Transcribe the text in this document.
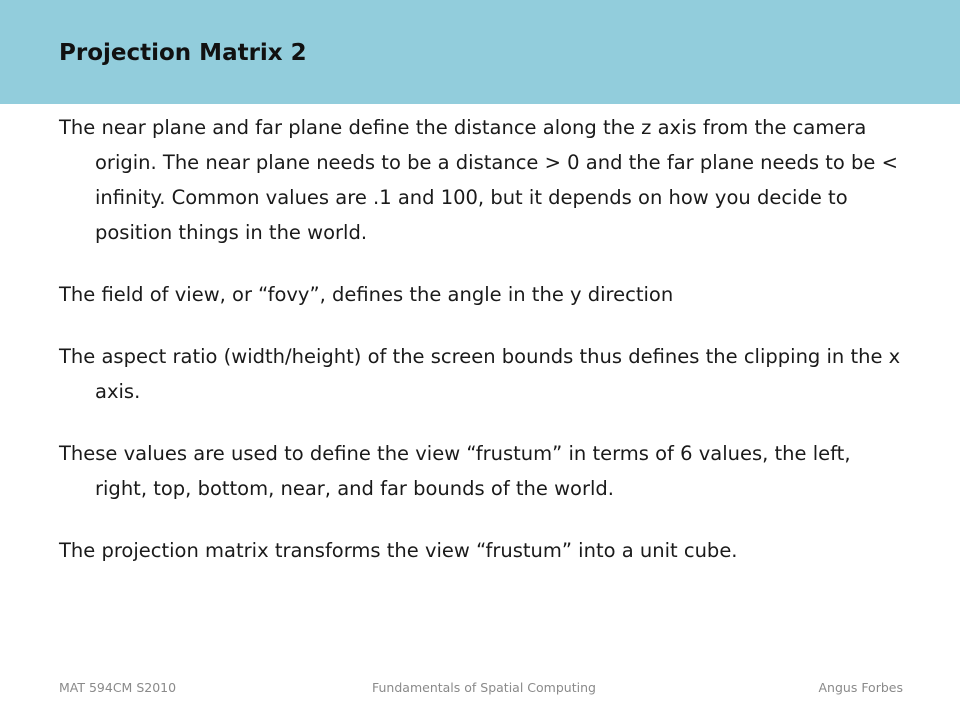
Projection Matrix 2
The near plane and far plane define the distance along the z axis from the camera origin. The near plane needs to be a distance > 0 and the far plane needs to be < infinity. Common values are .1 and 100, but it depends on how you decide to position things in the world.
The field of view, or “fovy”, defines the angle in the y direction
The aspect ratio (width/height) of the screen bounds thus defines the clipping in the x axis.
These values are used to define the view “frustum” in terms of 6 values, the left, right, top, bottom, near, and far bounds of the world.
The projection matrix transforms the view “frustum” into a unit cube.
MAT 594CM S2010	Fundamentals of Spatial Computing	Angus Forbes
